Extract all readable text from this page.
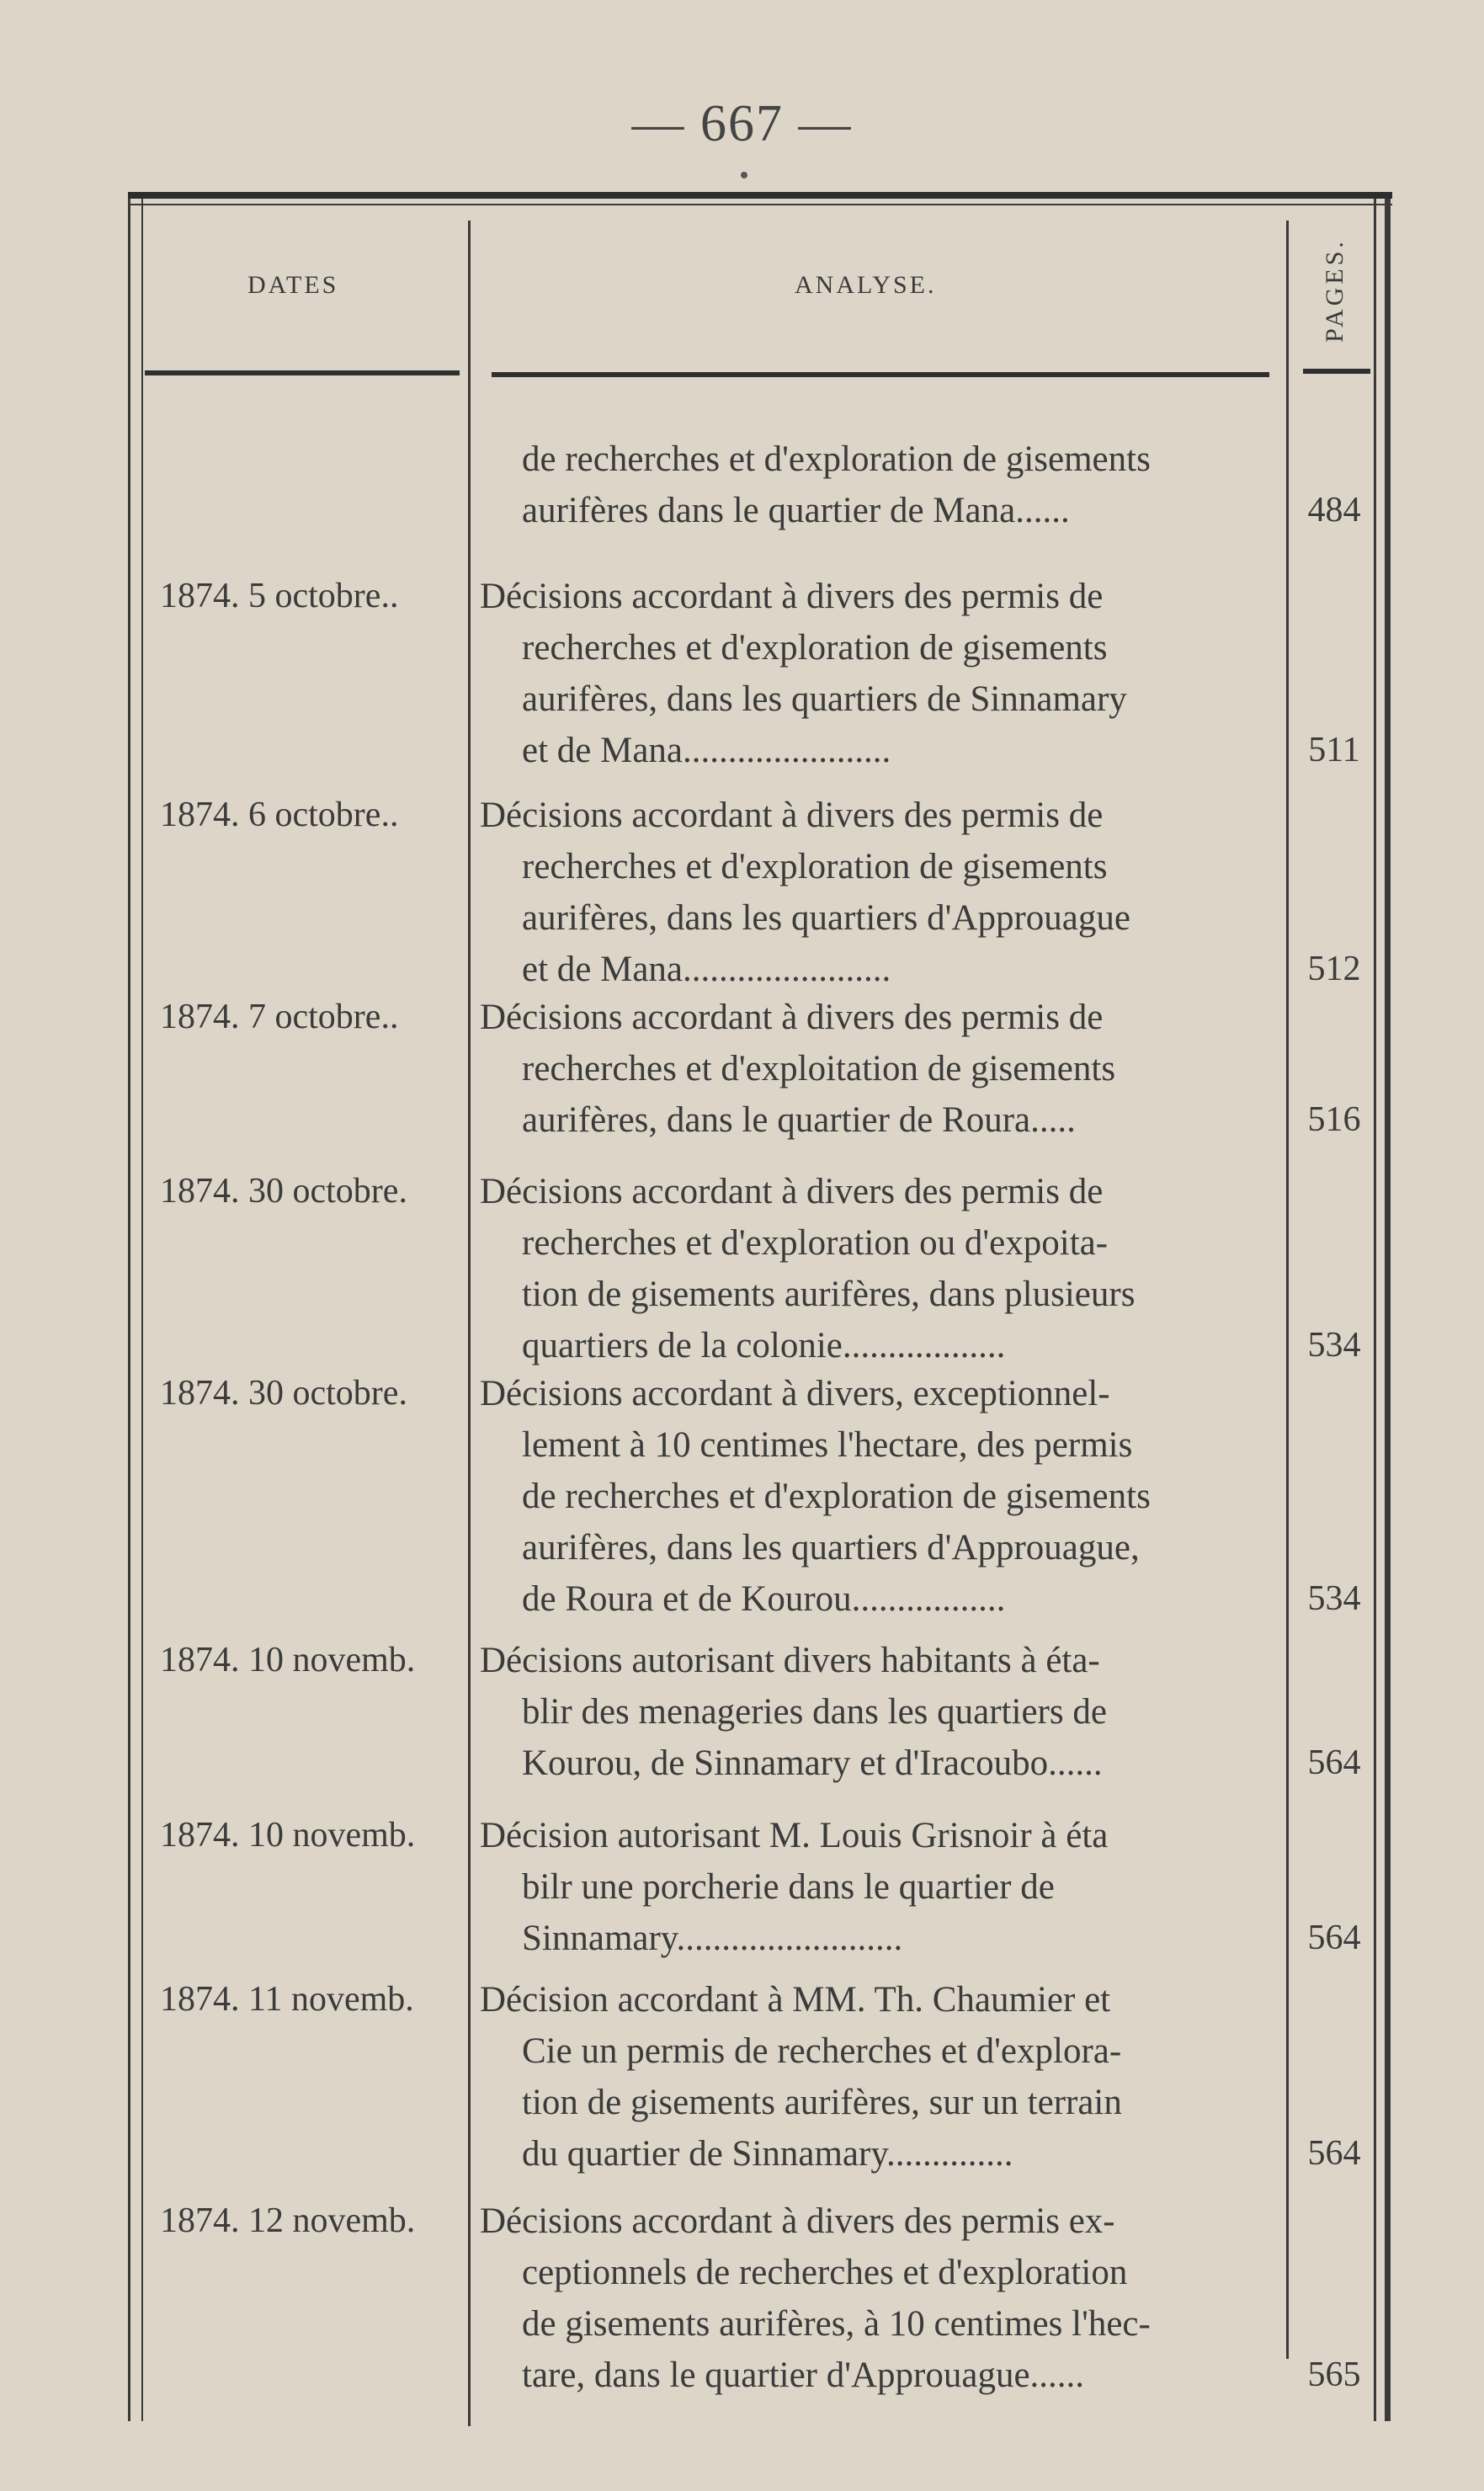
— 667 —
DATES	ANALYSE.	PAGES.
de recherches et d'exploration de gisements
aurifères dans le quartier de Mana......	484
1874. 5 octobre..	Décisions accordant à divers des permis de
recherches et d'exploration de gisements
aurifères, dans les quartiers de Sinnamary
et de Mana.......................	511
1874. 6 octobre..	Décisions accordant à divers des permis de
recherches et d'exploration de gisements
aurifères, dans les quartiers d'Approuague
et de Mana.......................	512
1874. 7 octobre..	Décisions accordant à divers des permis de
recherches et d'exploitation de gisements
aurifères, dans le quartier de Roura.....	516
1874. 30 octobre.	Décisions accordant à divers des permis de
recherches et d'exploration ou d'expoita-
tion de gisements aurifères, dans plusieurs
quartiers de la colonie..................	534
1874. 30 octobre.	Décisions accordant à divers, exceptionnel-
lement à 10 centimes l'hectare, des permis
de recherches et d'exploration de gisements
aurifères, dans les quartiers d'Approuague,
de Roura et de Kourou.................	534
1874. 10 novemb.	Décisions autorisant divers habitants à éta-
blir des menageries dans les quartiers de
Kourou, de Sinnamary et d'Iracoubo......	564
1874. 10 novemb.	Décision autorisant M. Louis Grisnoir à éta
bilr une porcherie dans le quartier de
Sinnamary.........................	564
1874. 11 novemb.	Décision accordant à MM. Th. Chaumier et
Cie un permis de recherches et d'explora-
tion de gisements aurifères, sur un terrain
du quartier de Sinnamary..............	564
1874. 12 novemb.	Décisions accordant à divers des permis ex-
ceptionnels de recherches et d'exploration
de gisements aurifères, à 10 centimes l'hec-
tare, dans le quartier d'Approuague......	565
